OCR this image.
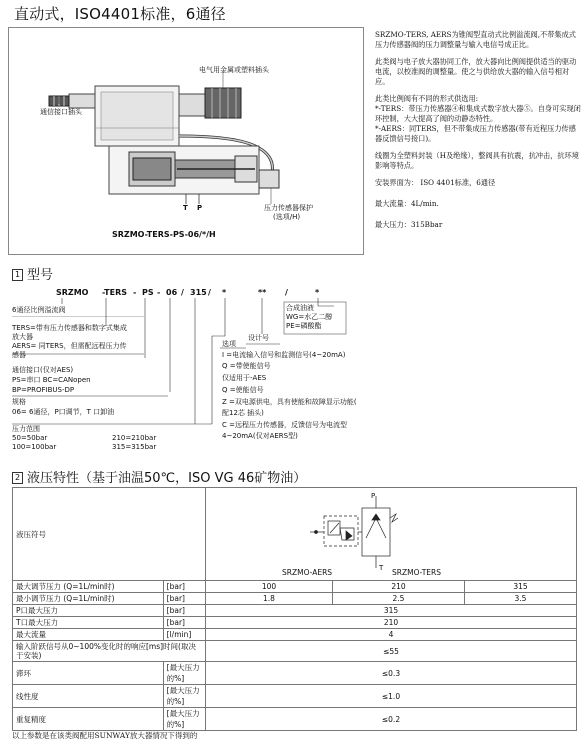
直动式，ISO4401标准，6通径
电气用金属或塑料插头
通信接口插头
压力传感器保护
(选项/H)
T P
SRZMO-TERS-PS-06/*/H

SRZMO-TERS, AERS为锥阀型直动式比例溢流阀,不带集成式压力传感器阀的压力调整量与输入电信号成正比。

此类阀与电子放大器协同工作，放大器向比例阀提供适当的驱动电流，以校准阀的调整量。使之与供给放大器的输入信号相对应。

此类比例阀有不同的形式供选用:

*-TERS：带压力传感器④和集成式数字放大器⑤。自身可实现闭环控制，大大提高了阀的动静态特性。

*-AERS：同TERS，但不带集成压力传感器(带有近程压力传感器反馈信号接口)。

线圈为全塑料封装（H及绝缘），整阀具有抗震，抗冲击，抗环境影响等特点。

安装界面为： ISO 4401标准，6通径

最大流量：4L/min.

最大压力：315Bbar

1 型号
SRZMO -TERS - PS - 06 / 315 / *	** /	*
6通径比例溢流阀
TERS=带有压力传感器和数字式集成放大器
AERS= 同TERS，但需配远程压力传感器
通信接口(仅对AES)
PS=串口 BC=CANopen
BP=PROFIBUS-DP
规格
06= 6通径，P口调节，T 口卸油
压力范围
50=50bar	210=210bar
100=100bar	315=315bar
合成油液
WG=水乙二醇
PE=磷酸酯
设计号
选项
I =电流输入信号和监测信号(4~20mA)
Q =带使能信号
仅适用于-AES
Q =使能信号
Z =双电源供电，具有使能和故障显示功能(
配12芯 插头)
C =远程压力传感器，反馈信号为电流型
4~20mA(仅对AERS型)
2 液压特性（基于油温50℃，ISO VG 46矿物油）
液压符号		P
T
SRZMO-AERS SRZMO-TERS		

最大调节压力 (Q=1L/min时)	[bar]	100	210	315
最小调节压力 (Q=1L/min时)	[bar]	1.8	2.5	3.5
P口最大压力	[bar]	315		
T口最大压力	[bar]	210		
最大流量	[l/min]	4		
输入阶跃信号从0~100%变化时的响应[ms]时间(取决于安装)		≤55		
滞环	[最大压力的%]	≤0.3		
线性度	[最大压力的%]	≤1.0		
重复精度	[最大压力的%]	≤0.2		
以上参数是在该类阀配用SUNWAY放大器情况下得到的
